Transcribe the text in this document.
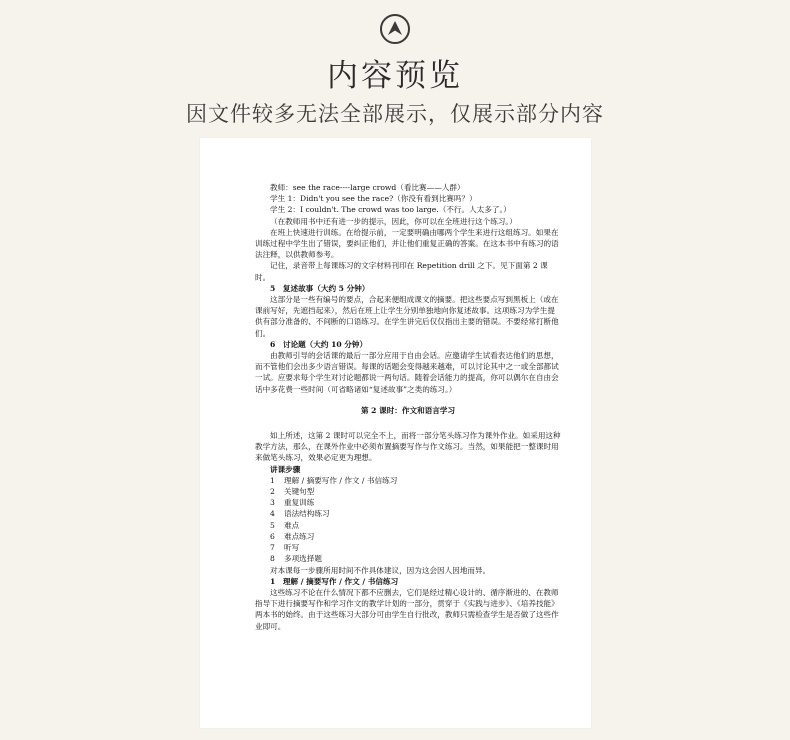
内容预览
因文件较多无法全部展示，仅展示部分内容
教师：see the race----large crowd（看比赛——人群）
学生 1：Didn't you see the race?（你没有看到比赛吗？）
学生 2：I couldn't. The crowd was too large.（不行。人太多了。）
（在教师用书中还有进一步的提示，因此，你可以在全班进行这个练习。）
在班上快速进行训练。在给提示前，一定要明确由哪两个学生来进行这组练习。如果在训练过程中学生出了错误，要纠正他们，并让他们重复正确的答案。在这本书中有练习的语法注释，以供教师参考。
记住，录音带上每课练习的文字材料刊印在 Repetition drill 之下。见下面第 2 课时。
5　复述故事（大约 5 分钟）
这部分是一些有编号的要点，合起来便组成课文的摘要。把这些要点写到黑板上（或在课前写好，先遮挡起来），然后在班上让学生分别单独地向你复述故事。这项练习为学生提供有部分准备的、不间断的口语练习。在学生讲完后仅仅指出主要的错误。不要经常打断他们。
6　讨论题（大约 10 分钟）
由教师引导的会话课的最后一部分应用于自由会话。应邀请学生试看表达他们的思想，而不管他们会出多少语言错误。每课的话题会变得越来越难，可以讨论其中之一或全部都试一试。应要求每个学生对讨论题都说一两句话。随着会话能力的提高，你可以偶尔在自由会话中多花费一些时间（可省略诸如“复述故事”之类的练习。）
第 2 课时：作文和语言学习
如上所述，这第 2 课时可以完全不上，而将一部分笔头练习作为课外作业。如采用这种教学方法，那么，在课外作业中必须布置摘要写作与作文练习。当然，如果能把一整课时用来做笔头练习，效果必定更为理想。
讲课步骤
1 理解 / 摘要写作 / 作文 / 书信练习
2 关键句型
3 重复训练
4 语法结构练习
5 难点
6 难点练习
7 听写
8 多项选择题
对本课每一步骤所用时间不作具体建议，因为这会因人因地而异。
1　理解 / 摘要写作 / 作文 / 书信练习
这些练习不论在什么情况下都不应删去，它们是经过精心设计的、循序渐进的、在教师指导下进行摘要写作和学习作文的教学计划的一部分，贯穿于《实践与进步》、《培养技能》两本书的始终。由于这些练习大部分可由学生自行批改，教师只需检查学生是否做了这些作业即可。
